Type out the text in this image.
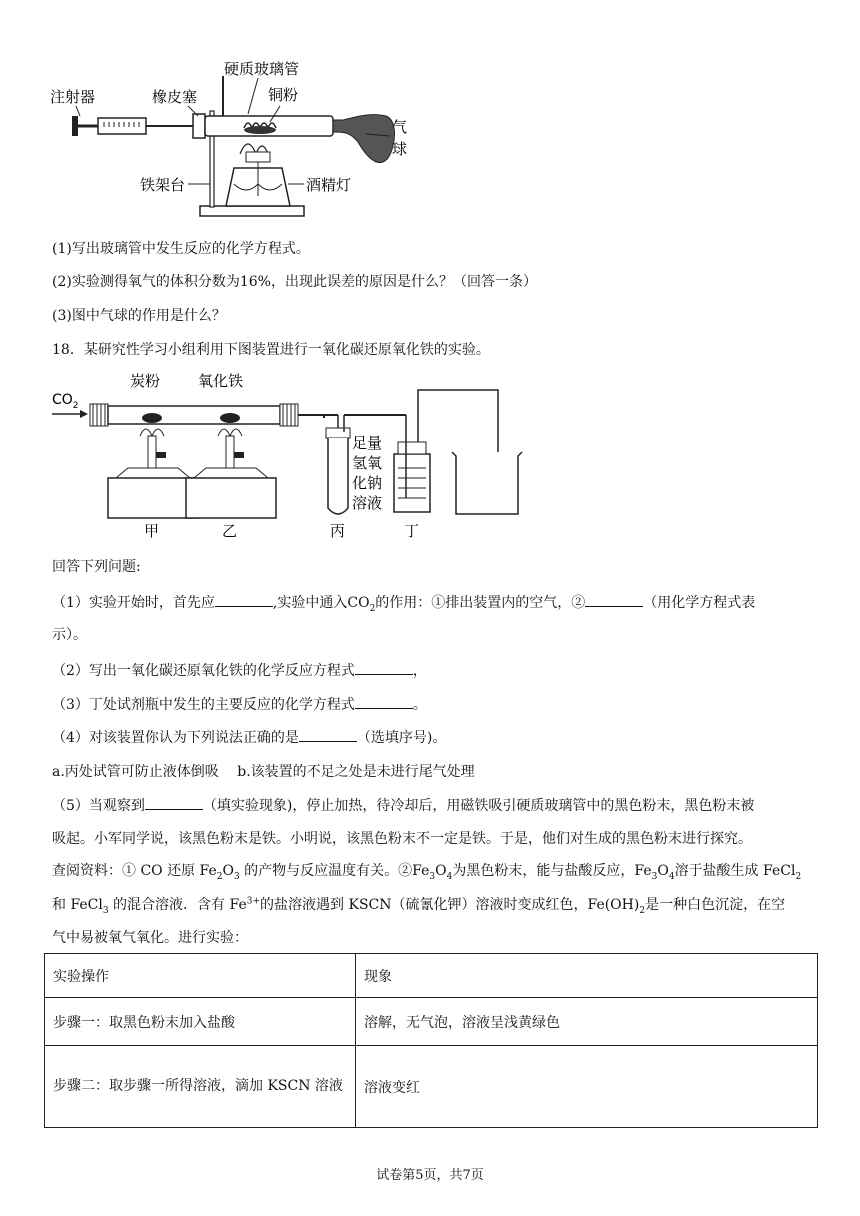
注射器	橡皮塞
硬质玻璃管
铜粉
气
球
铁架台	酒精灯
(1)写出玻璃管中发生反应的化学方程式。
(2)实验测得氧气的体积分数为16%，出现此误差的原因是什么？（回答一条）
(3)图中气球的作用是什么？
18．某研究性学习小组利用下图装置进行一氧化碳还原氧化铁的实验。
$CO_2$
炭粉	氧化铁
甲	乙	丙	丁
足量
氢氧
化钠
溶液
回答下列问题:
（1）实验开始时，首先应	,实验中通入$CO_2$的作用：①排出装置内的空气，②	（用化学方程式表
示）。
（2）写出一氧化碳还原氧化铁的化学反应方程式	，
（3）丁处试剂瓶中发生的主要反应的化学方程式	。
（4）对该装置你认为下列说法正确的是	（选填序号)。
a.丙处试管可防止液体倒吸　 b.该装置的不足之处是未进行尾气处理
（5）当观察到	（填实验现象)，停止加热，待冷却后，用磁铁吸引硬质玻璃管中的黑色粉末，黑色粉末被
吸起。小军同学说，该黑色粉末是铁。小明说，该黑色粉末不一定是铁。于是，他们对生成的黑色粉末进行探究。
查阅资料：① CO 还原 $Fe_2O_3$ 的产物与反应温度有关。$②Fe_3O_4$为黑色粉末，能与盐酸反应，$Fe_3O_4$溶于盐酸生成 FeCl$_2$
和 FeCl$_3$ 的混合溶液．含有 $Fe^{3+}$的盐溶液遇到 KSCN（硫氰化钾）溶液时变成红色，$Fe(OH)_2$是一种白色沉淀，在空
气中易被氧气氧化。进行实验：
实验操作	现象
步骤一：取黑色粉末加入盐酸	溶解，无气泡，溶液呈浅黄绿色
步骤二：取步骤一所得溶液，滴加 KSCN 溶液	溶液变红
试卷第5页，共7页
